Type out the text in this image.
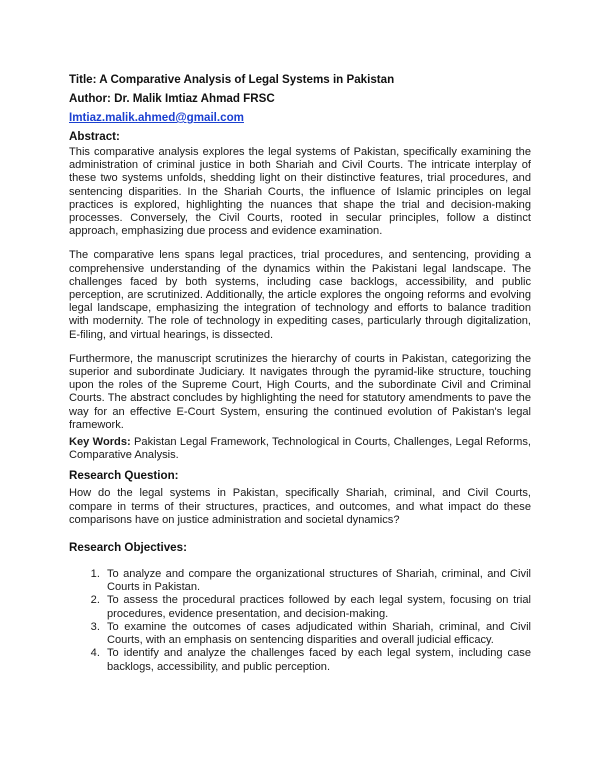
Title: A Comparative Analysis of Legal Systems in Pakistan

Author: Dr. Malik Imtiaz Ahmad FRSC

Imtiaz.malik.ahmed@gmail.com

Abstract:

This comparative analysis explores the legal systems of Pakistan, specifically examining the administration of criminal justice in both Shariah and Civil Courts. The intricate interplay of these two systems unfolds, shedding light on their distinctive features, trial procedures, and sentencing disparities. In the Shariah Courts, the influence of Islamic principles on legal practices is explored, highlighting the nuances that shape the trial and decision-making processes. Conversely, the Civil Courts, rooted in secular principles, follow a distinct approach, emphasizing due process and evidence examination.

The comparative lens spans legal practices, trial procedures, and sentencing, providing a comprehensive understanding of the dynamics within the Pakistani legal landscape. The challenges faced by both systems, including case backlogs, accessibility, and public perception, are scrutinized. Additionally, the article explores the ongoing reforms and evolving legal landscape, emphasizing the integration of technology and efforts to balance tradition with modernity. The role of technology in expediting cases, particularly through digitalization, E-filing, and virtual hearings, is dissected.

Furthermore, the manuscript scrutinizes the hierarchy of courts in Pakistan, categorizing the superior and subordinate Judiciary. It navigates through the pyramid-like structure, touching upon the roles of the Supreme Court, High Courts, and the subordinate Civil and Criminal Courts. The abstract concludes by highlighting the need for statutory amendments to pave the way for an effective E-Court System, ensuring the continued evolution of Pakistan's legal framework.

Key Words: Pakistan Legal Framework, Technological in Courts, Challenges, Legal Reforms, Comparative Analysis.

Research Question:

How do the legal systems in Pakistan, specifically Shariah, criminal, and Civil Courts, compare in terms of their structures, practices, and outcomes, and what impact do these comparisons have on justice administration and societal dynamics?

Research Objectives:

1. To analyze and compare the organizational structures of Shariah, criminal, and Civil Courts in Pakistan.
2. To assess the procedural practices followed by each legal system, focusing on trial procedures, evidence presentation, and decision-making.
3. To examine the outcomes of cases adjudicated within Shariah, criminal, and Civil Courts, with an emphasis on sentencing disparities and overall judicial efficacy.
4. To identify and analyze the challenges faced by each legal system, including case backlogs, accessibility, and public perception.
